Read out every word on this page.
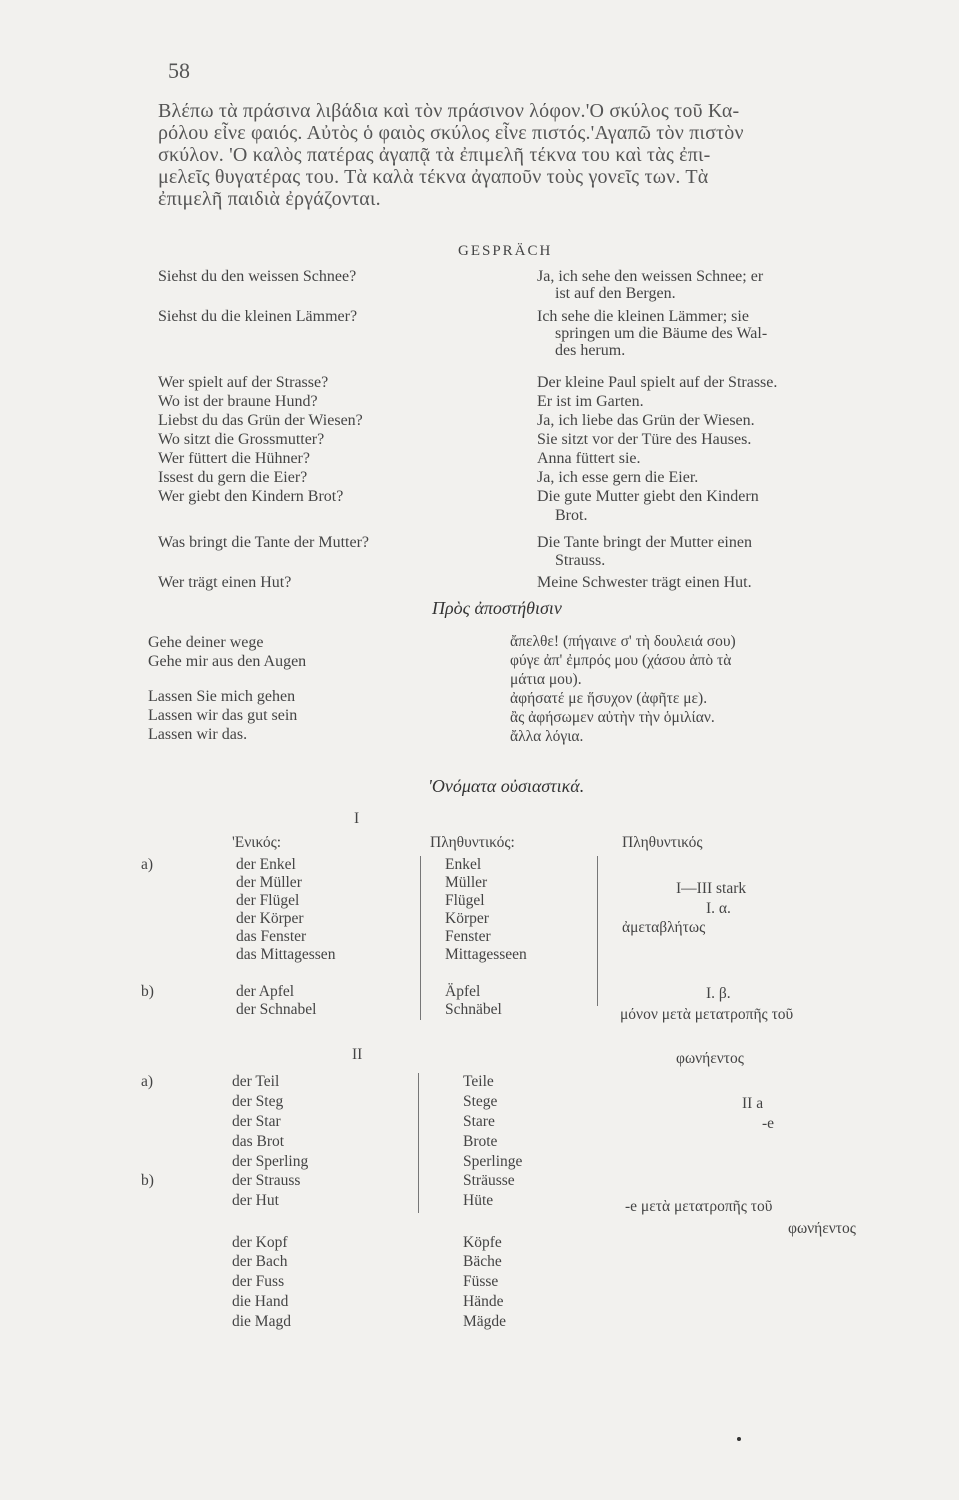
58
Βλέπω τὰ πράσινα λιβάδια καὶ τὸν πράσινον λόφον.'Ο σκύλος τοῦ Κα-
ρόλου εἶνε φαιός. Αὐτὸς ὁ φαιὸς σκύλος εἶνε πιστός.'Αγαπῶ τὸν πιστὸν
σκύλον. 'Ο καλὸς πατέρας ἀγαπᾷ τὰ ἐπιμελῆ τέκνα του καὶ τὰς ἐπι-
μελεῖς θυγατέρας του. Τὰ καλὰ τέκνα ἀγαποῦν τοὺς γονεῖς των. Τὰ
ἐπιμελῆ παιδιὰ ἐργάζονται.
GESPRÄCH
Siehst du den weissen Schnee?
Siehst du die kleinen Lämmer?
Wer spielt auf der Strasse?
Wo ist der braune Hund?
Liebst du das Grün der Wiesen?
Wo sitzt die Grossmutter?
Wer füttert die Hühner?
Issest du gern die Eier?
Wer giebt den Kindern Brot?
Was bringt die Tante der Mutter?
Wer trägt einen Hut?
Ja, ich sehe den weissen Schnee; er
ist auf den Bergen.
Ich sehe die kleinen Lämmer; sie
springen um die Bäume des Wal-
des herum.
Der kleine Paul spielt auf der Strasse.
Er ist im Garten.
Ja, ich liebe das Grün der Wiesen.
Sie sitzt vor der Türe des Hauses.
Anna füttert sie.
Ja, ich esse gern die Eier.
Die gute Mutter giebt den Kindern
Brot.
Die Tante bringt der Mutter einen
Strauss.
Meine Schwester trägt einen Hut.
Πρὸς ἀποστήθισιν
Gehe deiner wege
Gehe mir aus den Augen
Lassen Sie mich gehen
Lassen wir das gut sein
Lassen wir das.
ἄπελθε! (πήγαινε σ' τὴ δουλειά σου)
φύγε ἀπ' ἐμπρός μου (χάσου ἀπὸ τὰ
μάτια μου).
ἀφήσατέ με ἥσυχον (ἀφῆτε με).
ἂς ἀφήσωμεν αὐτὴν τὴν ὁμιλίαν.
ἄλλα λόγια.
'Ονόματα οὐσιαστικά.
I
'Ενικός:	Πληθυντικός:	Πληθυντικός
a)
b)
der Enkel
der Müller
der Flügel
der Körper
das Fenster
das Mittagessen
der Apfel
der Schnabel
Enkel
Müller
Flügel
Körper
Fenster
Mittagesseen
Äpfel
Schnäbel
I—III stark
I. α.
ἀμεταβλήτως
I. β.
μόνον μετὰ μετατροπῆς τοῦ
φωνήεντος
II
a)
b)
der Teil
der Steg
der Star
das Brot
der Sperling
der Strauss
der Hut
der Kopf
der Bach
der Fuss
die Hand
die Magd
Teile
Stege
Stare
Brote
Sperlinge
Sträusse
Hüte
Köpfe
Bäche
Füsse
Hände
Mägde
II a
-e
-e μετὰ μετατροπῆς τοῦ
φωνήεντος
